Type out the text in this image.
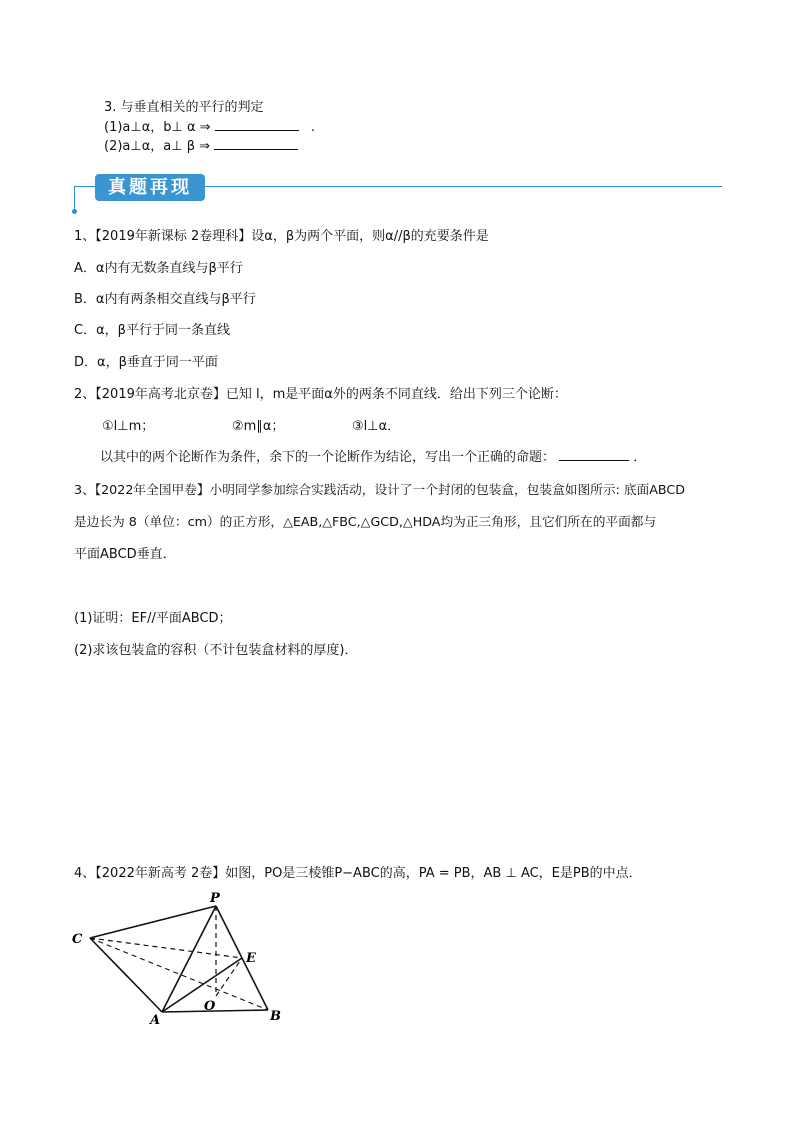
3. 与垂直相关的平行的判定
(1)a⊥α，b⊥ α ⇒	.
(2)a⊥α，a⊥ β ⇒
真题再现
1、【2019年新课标 2卷理科】设α，β为两个平面，则α//β的充要条件是
A．α内有无数条直线与β平行
B．α内有两条相交直线与β平行
C．α，β平行于同一条直线
D．α，β垂直于同一平面
2、【2019年高考北京卷】已知 l，m是平面α外的两条不同直线．给出下列三个论断：
①l⊥m；	②m∥α；	③l⊥α．
以其中的两个论断作为条件，余下的一个论断作为结论，写出一个正确的命题：	．
3、【2022年全国甲卷】小明同学参加综合实践活动，设计了一个封闭的包装盒，包装盒如图所示: 底面ABCD
是边长为 8（单位：cm）的正方形，△EAB,△FBC,△GCD,△HDA均为正三角形，且它们所在的平面都与
平面ABCD垂直．
(1)证明：EF//平面ABCD；
(2)求该包装盒的容积（不计包装盒材料的厚度)．
4、【2022年新高考 2卷】如图，PO是三棱锥P−ABC的高，PA = PB，AB ⊥ AC，E是PB的中点．
P
C
E
O
A	B
